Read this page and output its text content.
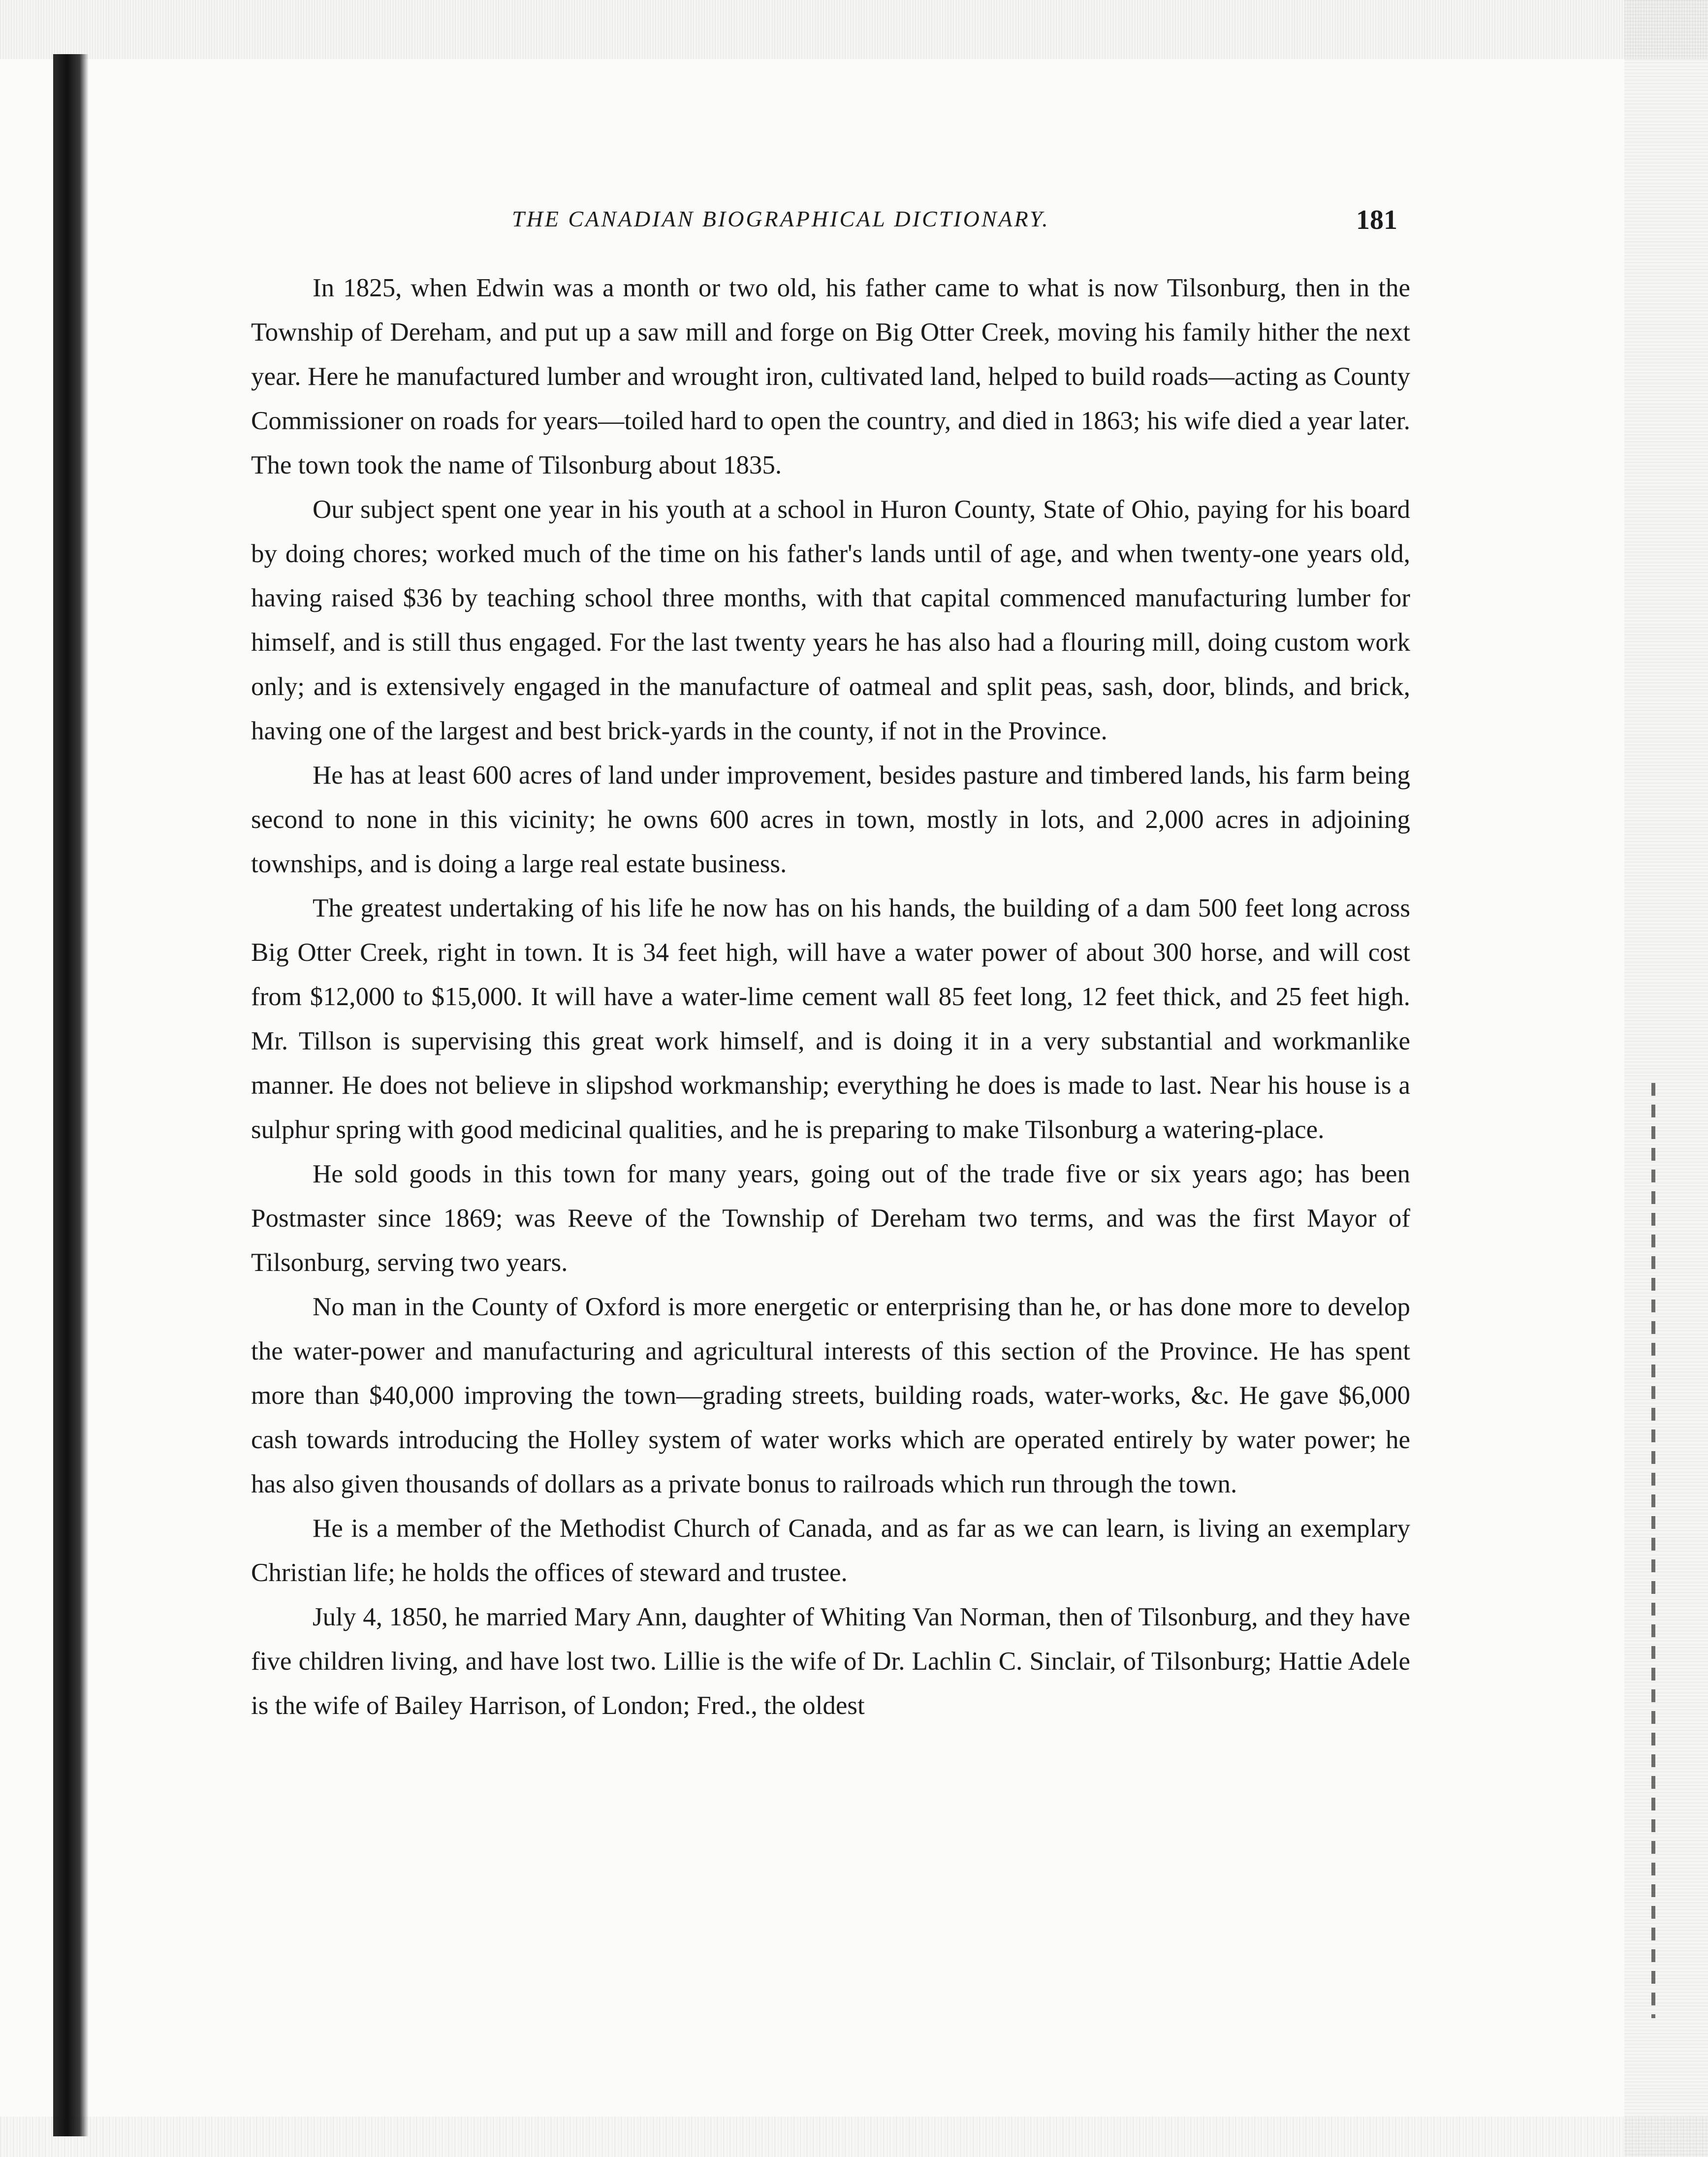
THE CANADIAN BIOGRAPHICAL DICTIONARY.	181

In 1825, when Edwin was a month or two old, his father came to what is now Tilsonburg, then in the Township of Dereham, and put up a saw mill and forge on Big Otter Creek, moving his family hither the next year. Here he manufactured lumber and wrought iron, cultivated land, helped to build roads—acting as County Commissioner on roads for years—toiled hard to open the country, and died in 1863; his wife died a year later. The town took the name of Tilsonburg about 1835.

Our subject spent one year in his youth at a school in Huron County, State of Ohio, paying for his board by doing chores; worked much of the time on his father's lands until of age, and when twenty-one years old, having raised $36 by teaching school three months, with that capital commenced manufacturing lumber for himself, and is still thus engaged. For the last twenty years he has also had a flouring mill, doing custom work only; and is extensively engaged in the manufacture of oatmeal and split peas, sash, door, blinds, and brick, having one of the largest and best brick-yards in the county, if not in the Province.

He has at least 600 acres of land under improvement, besides pasture and timbered lands, his farm being second to none in this vicinity; he owns 600 acres in town, mostly in lots, and 2,000 acres in adjoining townships, and is doing a large real estate business.

The greatest undertaking of his life he now has on his hands, the building of a dam 500 feet long across Big Otter Creek, right in town. It is 34 feet high, will have a water power of about 300 horse, and will cost from $12,000 to $15,000. It will have a water-lime cement wall 85 feet long, 12 feet thick, and 25 feet high. Mr. Tillson is supervising this great work himself, and is doing it in a very substantial and workmanlike manner. He does not believe in slipshod workmanship; everything he does is made to last. Near his house is a sulphur spring with good medicinal qualities, and he is preparing to make Tilsonburg a watering-place.

He sold goods in this town for many years, going out of the trade five or six years ago; has been Postmaster since 1869; was Reeve of the Township of Dereham two terms, and was the first Mayor of Tilsonburg, serving two years.

No man in the County of Oxford is more energetic or enterprising than he, or has done more to develop the water-power and manufacturing and agricultural interests of this section of the Province. He has spent more than $40,000 improving the town—grading streets, building roads, water-works, &c. He gave $6,000 cash towards introducing the Holley system of water works which are operated entirely by water power; he has also given thousands of dollars as a private bonus to railroads which run through the town.

He is a member of the Methodist Church of Canada, and as far as we can learn, is living an exemplary Christian life; he holds the offices of steward and trustee.

July 4, 1850, he married Mary Ann, daughter of Whiting Van Norman, then of Tilsonburg, and they have five children living, and have lost two. Lillie is the wife of Dr. Lachlin C. Sinclair, of Tilsonburg; Hattie Adele is the wife of Bailey Harrison, of London; Fred., the oldest
